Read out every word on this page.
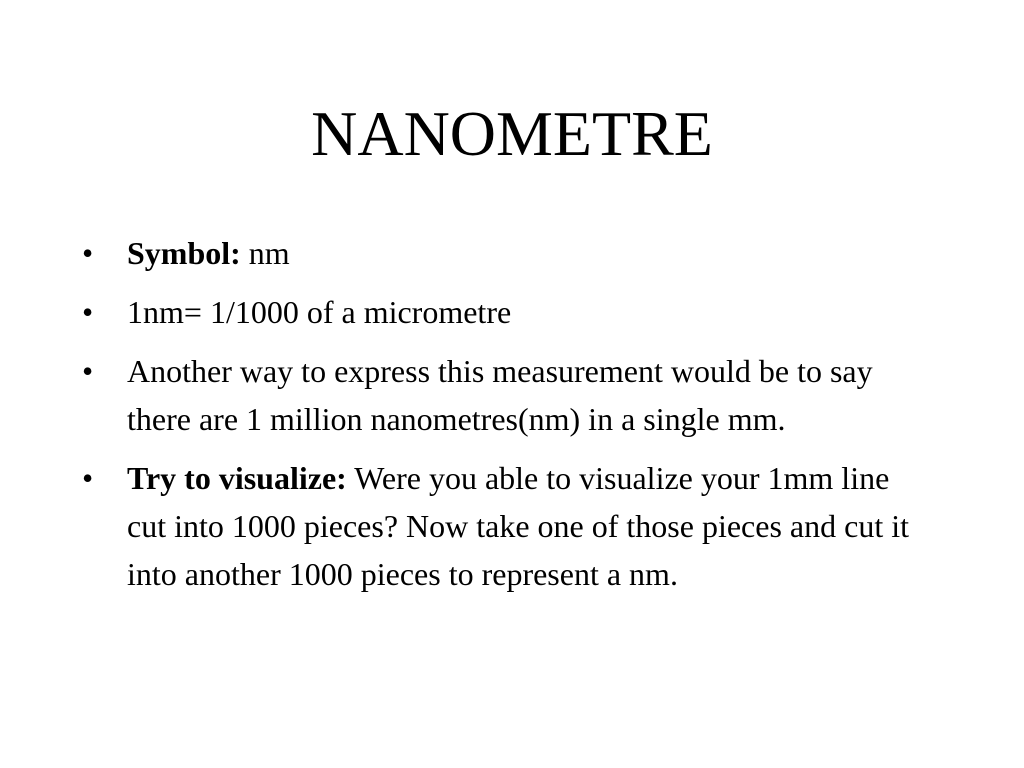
NANOMETRE
•	Symbol: nm
•	1nm= 1/1000 of a micrometre
•	Another way to express this measurement would be to say there are 1 million nanometres(nm) in a single mm.
•	Try to visualize: Were you able to visualize your 1mm line cut into 1000 pieces? Now take one of those pieces and cut it into another 1000 pieces to represent a nm.
